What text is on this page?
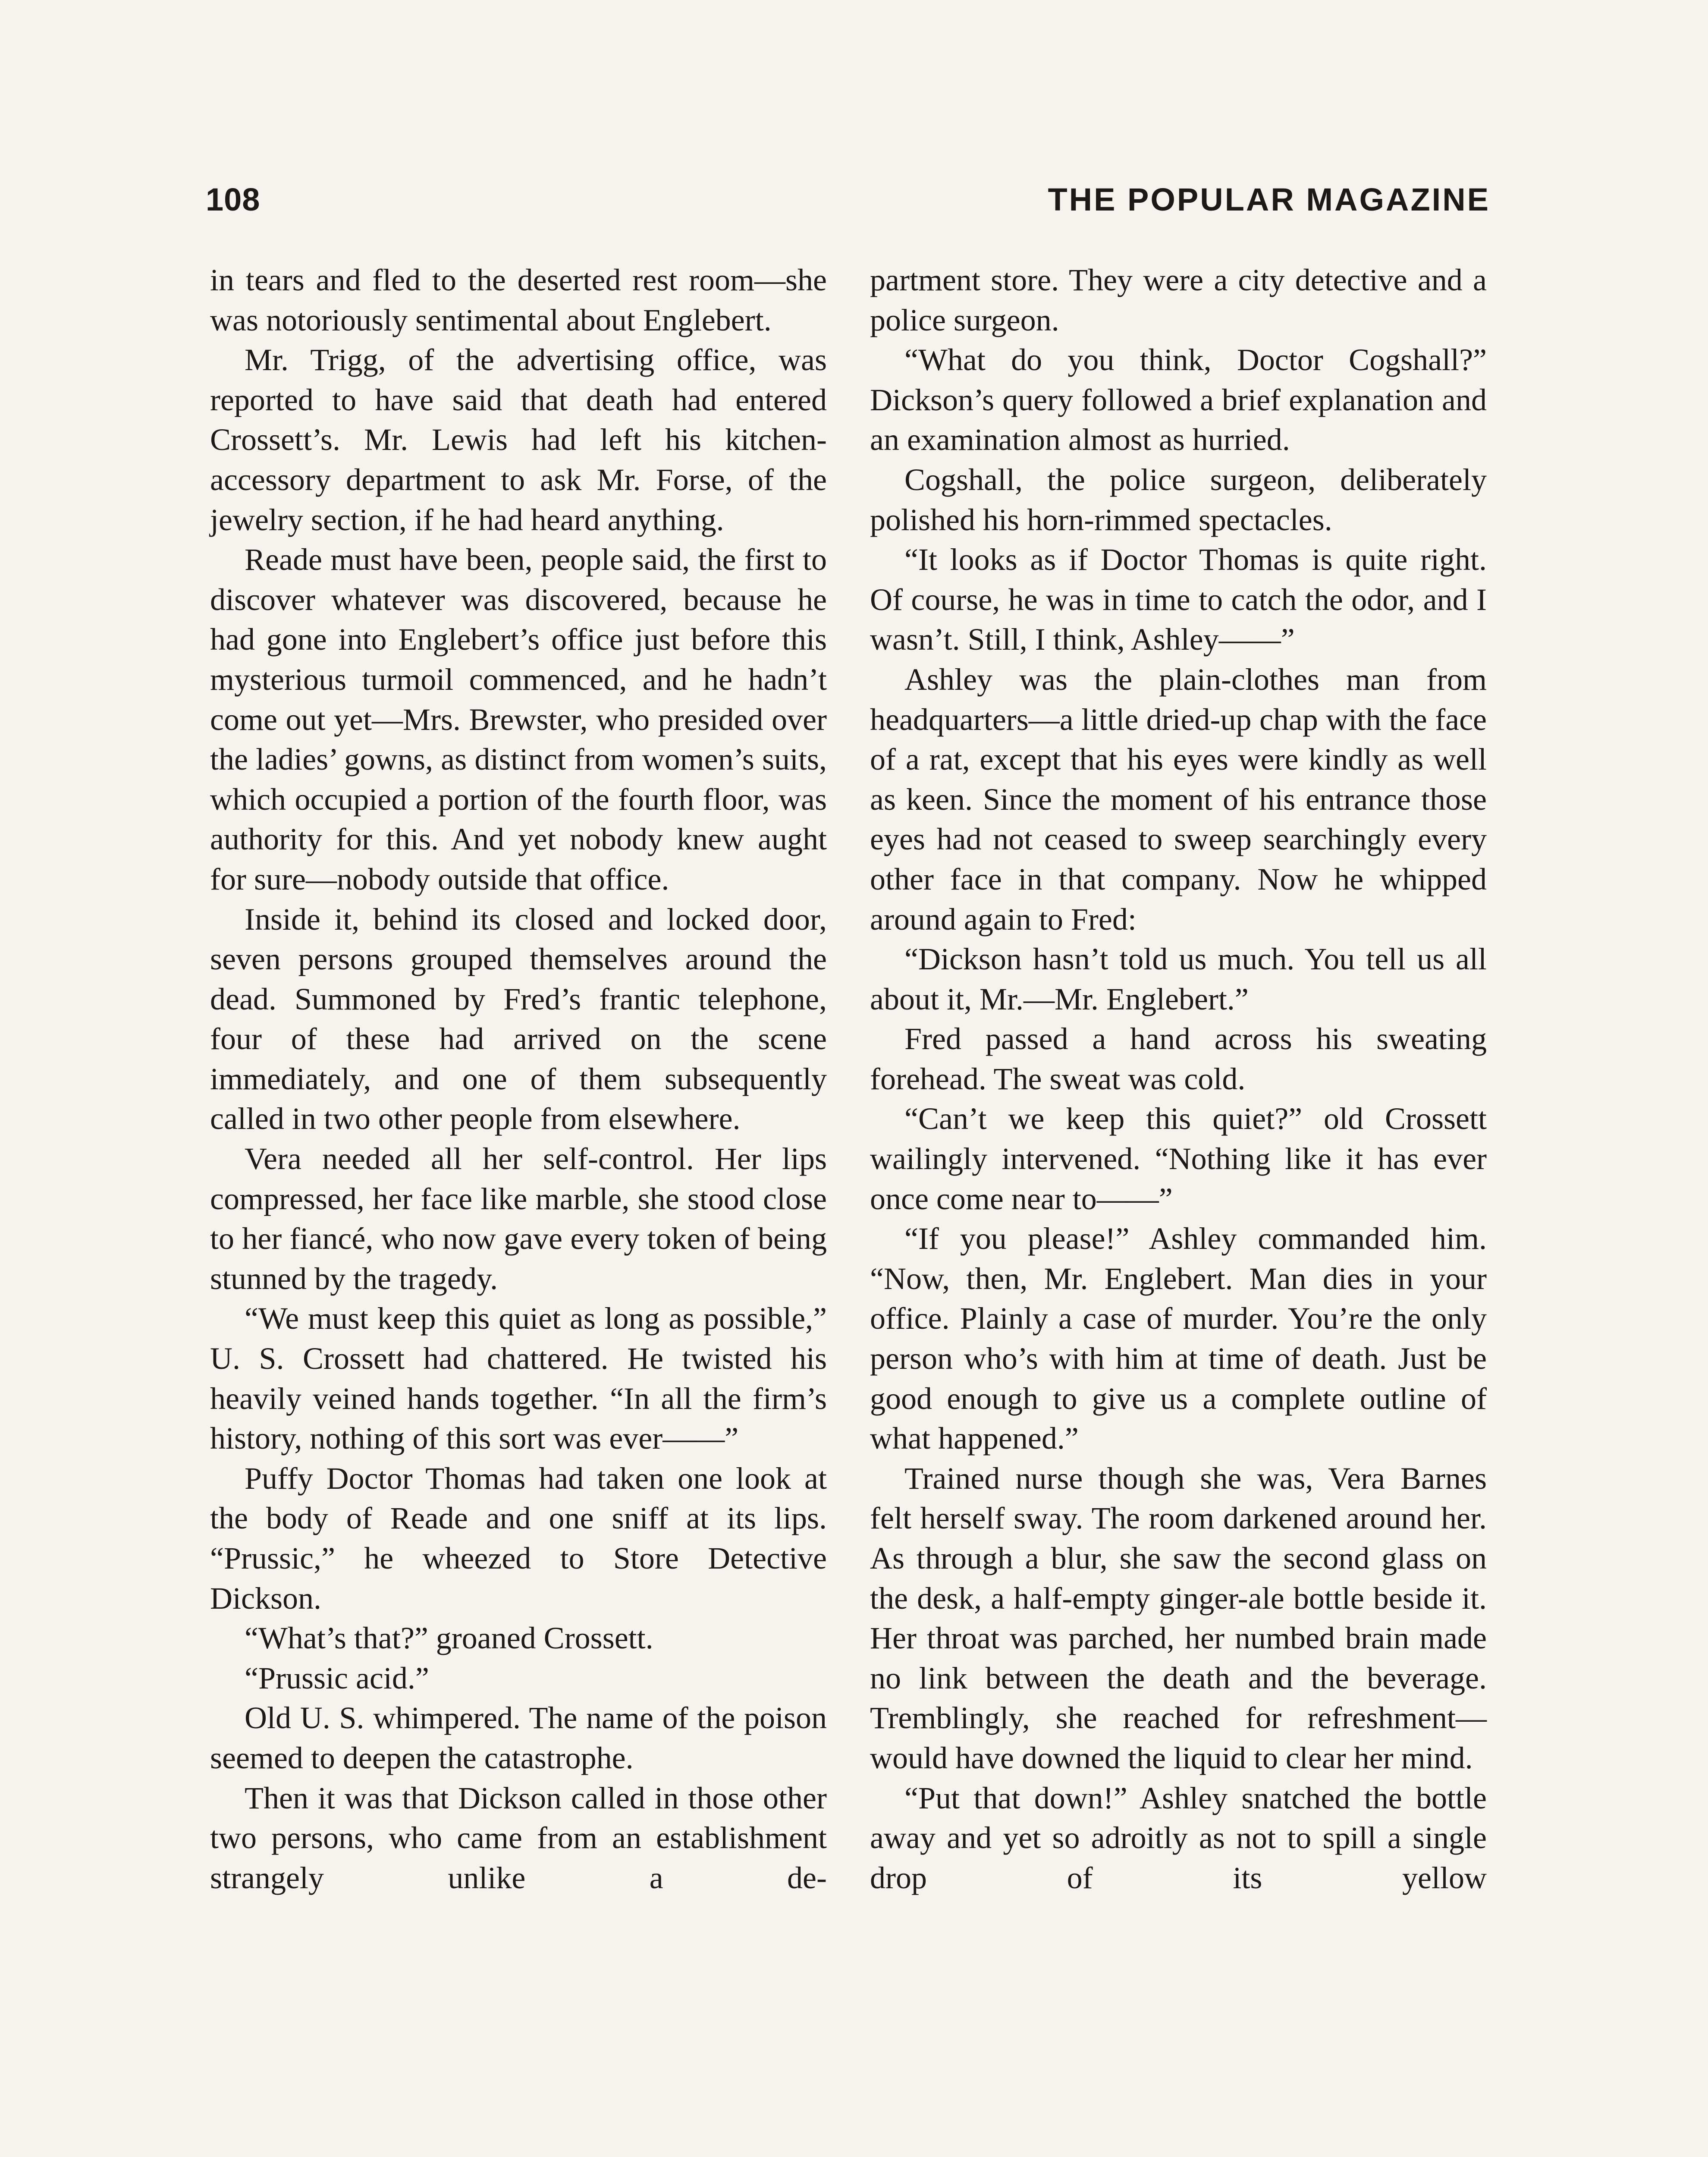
108	THE POPULAR MAGAZINE

in tears and fled to the deserted rest room—she was notoriously sentimental about Englebert.

Mr. Trigg, of the advertising office, was reported to have said that death had entered Crossett’s. Mr. Lewis had left his kitchen-accessory department to ask Mr. Forse, of the jewelry section, if he had heard anything.

Reade must have been, people said, the first to discover whatever was discovered, because he had gone into Englebert’s office just before this mysterious turmoil commenced, and he hadn’t come out yet—Mrs. Brewster, who presided over the ladies’ gowns, as distinct from women’s suits, which occupied a portion of the fourth floor, was authority for this. And yet nobody knew aught for sure—nobody outside that office.

Inside it, behind its closed and locked door, seven persons grouped themselves around the dead. Summoned by Fred’s frantic telephone, four of these had arrived on the scene immediately, and one of them subsequently called in two other people from elsewhere.

Vera needed all her self-control. Her lips compressed, her face like marble, she stood close to her fiancé, who now gave every token of being stunned by the tragedy.

“We must keep this quiet as long as possible,” U. S. Crossett had chattered. He twisted his heavily veined hands together. “In all the firm’s history, nothing of this sort was ever——”

Puffy Doctor Thomas had taken one look at the body of Reade and one sniff at its lips. “Prussic,” he wheezed to Store Detective Dickson.

“What’s that?” groaned Crossett.

“Prussic acid.”

Old U. S. whimpered. The name of the poison seemed to deepen the catastrophe.

Then it was that Dickson called in those other two persons, who came from an establishment strangely unlike a de-

partment store. They were a city detective and a police surgeon.

“What do you think, Doctor Cogshall?” Dickson’s query followed a brief explanation and an examination almost as hurried.

Cogshall, the police surgeon, deliberately polished his horn-rimmed spectacles.

“It looks as if Doctor Thomas is quite right. Of course, he was in time to catch the odor, and I wasn’t. Still, I think, Ashley——”

Ashley was the plain-clothes man from headquarters—a little dried-up chap with the face of a rat, except that his eyes were kindly as well as keen. Since the moment of his entrance those eyes had not ceased to sweep searchingly every other face in that company. Now he whipped around again to Fred:

“Dickson hasn’t told us much. You tell us all about it, Mr.—Mr. Englebert.”

Fred passed a hand across his sweating forehead. The sweat was cold.

“Can’t we keep this quiet?” old Crossett wailingly intervened. “Nothing like it has ever once come near to——”

“If you please!” Ashley commanded him. “Now, then, Mr. Englebert. Man dies in your office. Plainly a case of murder. You’re the only person who’s with him at time of death. Just be good enough to give us a complete outline of what happened.”

Trained nurse though she was, Vera Barnes felt herself sway. The room darkened around her. As through a blur, she saw the second glass on the desk, a half-empty ginger-ale bottle beside it. Her throat was parched, her numbed brain made no link between the death and the beverage. Tremblingly, she reached for refreshment—would have downed the liquid to clear her mind.

“Put that down!” Ashley snatched the bottle away and yet so adroitly as not to spill a single drop of its yellow
